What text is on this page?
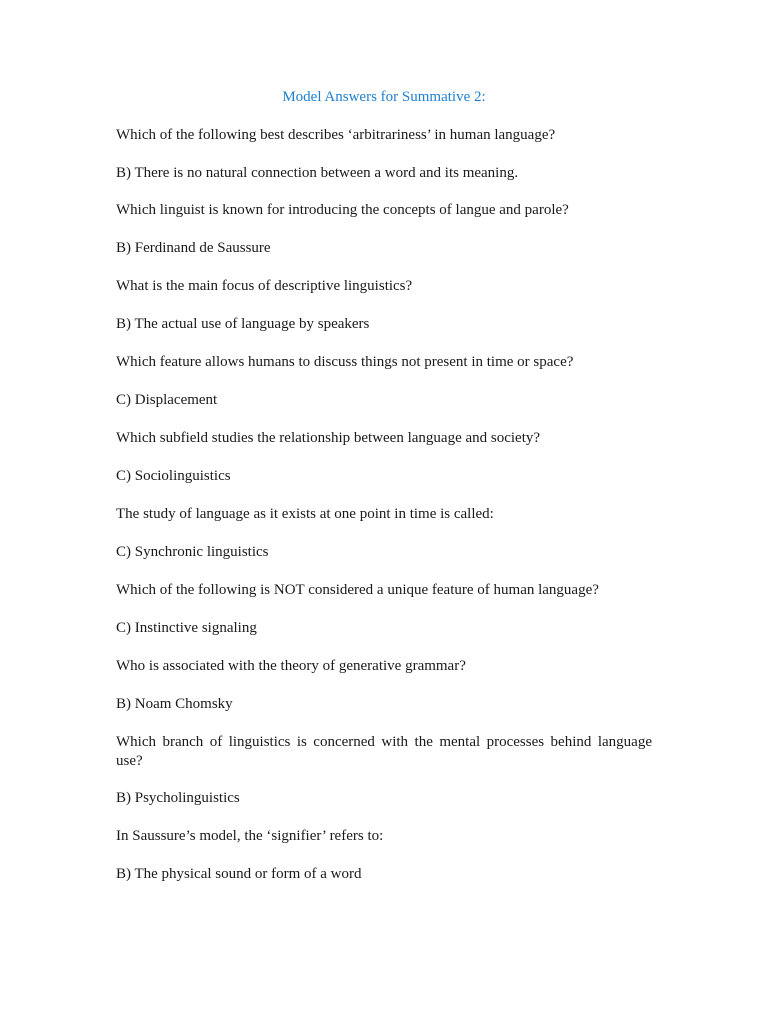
Model Answers for Summative 2:
Which of the following best describes ‘arbitrariness’ in human language?
B) There is no natural connection between a word and its meaning.
Which linguist is known for introducing the concepts of langue and parole?
B) Ferdinand de Saussure
What is the main focus of descriptive linguistics?
B) The actual use of language by speakers
Which feature allows humans to discuss things not present in time or space?
C) Displacement
Which subfield studies the relationship between language and society?
C) Sociolinguistics
The study of language as it exists at one point in time is called:
C) Synchronic linguistics
Which of the following is NOT considered a unique feature of human language?
C) Instinctive signaling
Who is associated with the theory of generative grammar?
B) Noam Chomsky
Which branch of linguistics is concerned with the mental processes behind language use?
B) Psycholinguistics
In Saussure’s model, the ‘signifier’ refers to:
B) The physical sound or form of a word
